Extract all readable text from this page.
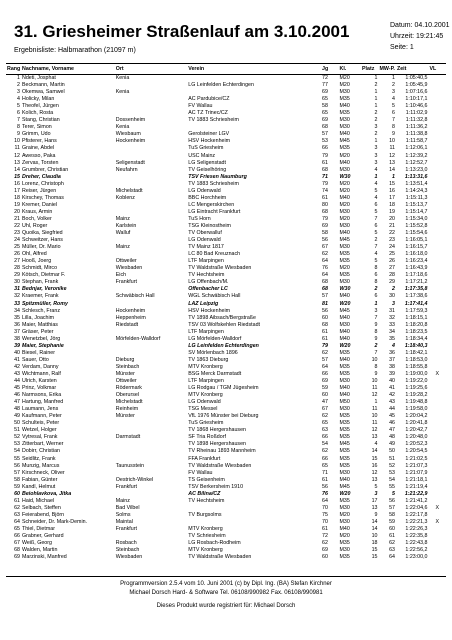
31. Griesheimer Straßenlauf am 3.10.2001
Ergebnisliste: Halbmarathon (21097 m)
Datum: 04.10.2001
Uhrzeit: 19:21:45
Seite: 1
Rang	Nachname, Vorname	Ort	Verein	Jg	Kl.	Platz	MW-P.	Zeit	VL
1	Ndeti, Josphat	Kenia		72	M20	1	1	1:05:40,5	
2	Beckmann, Martin		LG Leinfelden Echterdingen	77	M20	2	2	1:05:45,9	
3	Okemwa, Samwel	Kenia		69	M30	1	3	1:07:16,6	
4	Holicky, Milan		AC Pardubice/CZ	65	M35	1	4	1:10:17,1	
5	Theofel, Jürgen		FV Wallau	58	M40	1	5	1:10:46,6	
6	Kolich, Rosta		AC TZ Trinec/CZ	65	M35	2	6	1:11:02,9	
7	Stang, Christian	Dossenheim	TV 1883 Schriesheim	69	M30	2	7	1:11:32,8	
8	Terer, Simon	Kenia		68	M30	3	8	1:11:36,2	
9	Grimm, Udo	Wiesbaum	Gerolsteiner LGV	57	M40	2	9	1:11:38,8	
10	Pfisterer, Hans	Hockenheim	HSV Hockenheim	53	M45	1	10	1:11:58,7	
11	Graine, Abdel		TuS Griesheim	66	M35	3	11	1:12:06,1	
12	Awesso, Paka		USC Mainz	79	M20	3	12	1:12:39,2	
13	Zervas, Torsten	Seligenstadt	LG Seligenstadt	61	M40	3	13	1:12:52,7	
14	Grumbrer, Christian	Neufahrn	TV Geiselhöring	68	M30	4	14	1:13:23,0	
15	Dreher, Claudia		TSV Friesen Naumburg	71	W30	1	1	1:13:31,6	
16	Lorenz, Christoph		TV 1883 Schriesheim	79	M20	4	15	1:13:51,4	
17	Reiser, Jürgen	Michelstadt	LG Odenwald	74	M20	5	16	1:14:24,3	
18	Kirschey, Thomas	Koblenz	BBC Horchheim	61	M40	4	17	1:15:11,3	
19	Kremer, Daniel		LC Mengerskirchen	80	M20	6	18	1:15:13,7	
20	Kraus, Armin		LG Eintracht Frankfurt	68	M30	5	19	1:15:14,7	
21	Boch, Volker	Mainz	TuS Horn	79	M20	7	20	1:15:34,0	
22	Uhl, Roger	Karlstein	TSG Kleinostheim	69	M30	6	21	1:15:52,8	
23	Quoika, Siegfried	Walluf	TV Oberwalluf	58	M40	5	22	1:15:54,6	
24	Schweitzer, Hans		LG Odenwald	56	M45	2	23	1:16:05,1	
25	Müller, Dr. Mario	Mainz	TV Mainz 1817	67	M30	7	24	1:16:15,7	
26	Ohl, Alfred		LC 80 Bad Kreuznach	62	M35	4	25	1:16:18,0	
27	Hooß, Joerg	Ottweiler	LTF Marpingen	64	M35	5	26	1:16:23,4	
28	Schmidt, Mirco	Wiesbaden	TV Waldstraße Wiesbaden	76	M20	8	27	1:16:43,9	
29	Kötsch, Dietmar F.	Eich	TV Hechtsheim	64	M35	6	28	1:17:18,6	
30	Stephan, Frank	Frankfurt	LG Offenbach/M.	68	M30	8	29	1:17:21,2	
31	Bednjar, Veronike		Offenbacher LC	68	W30	2	2	1:17:35,8	
32	Kraemer, Frank	Schwäbisch Hall	WGL Schwäbisch Hall	57	M40	6	30	1:17:38,6	
33	Spitzmüller, Romy		LAZ Leipzig	81	W20	1	3	1:17:41,4	
34	Schlesch, Franz	Hockenheim	HSV Hockenheim	56	M45	3	31	1:17:59,3	
35	Lilla, Joachim	Heppenheim	TV 1898 Aibsach/Bergstraße	60	M40	7	32	1:18:15,1	
36	Maier, Matthias	Riedstadt	TSV 03 Wolfskehlen Riedstadt	68	M30	9	33	1:18:20,8	
37	Gräser, Peter		LTF Marpingen	61	M40	8	34	1:18:23,5	
38	Wenetzbel, Jörg	Mörfelden-Walldorf	LG Mörfelden-Walldorf	61	M40	9	35	1:18:34,4	
39	Maier, Stephanie		LG Leinfelden Echterdingen	79	W20	2	4	1:18:40,3	
40	Biesel, Rainer		SV Mörlenbach 1896	62	M35	7	36	1:18:42,1	
41	Sauer, Otto	Dieburg	TV 1863 Dieburg	57	M40	10	37	1:18:53,0	
42	Verdam, Danny	Steinbach	MTV Kronberg	64	M35	8	38	1:18:55,8	
43	Wichtmann, Ralf	Münster	BSG Merck Darmstadt	66	M35	9	39	1:19:00,0	X
44	Ulrich, Karsten	Ottweiler	LTF Marpingen	69	M30	10	40	1:19:22,0	
45	Prinz, Volkmar	Rödermark	LG Rodgau / TGM Jügesheim	59	M40	11	41	1:19:25,6	
46	Narmsons, Erika	Oberursel	MTV Kronberg	60	M40	12	42	1:19:28,2	
47	Hartung, Manfred	Michelstadt	LG Odenwald	47	M50	1	43	1:19:48,8	
48	Laumann, Jens	Reinheim	TSG Messel	67	M30	11	44	1:19:58,0	
49	Kaufmann, Peter	Münster	VfL 1976 Münster bei Dieburg	62	M35	10	45	1:20:04,2	
50	Schulteis, Peter		TuS Griesheim	65	M35	11	46	1:20:41,8	
51	Wetzel, Holger		TV 1868 Hergershausen	63	M35	12	47	1:20:42,7	
52	Vytresal, Frank	Darmstadt	SF Tria Roßdorf	66	M35	13	48	1:20:48,0	
53	Zitterbart, Werner		TV 1898 Hergershausen	54	M45	4	49	1:20:52,3	
54	Dobirr, Christian		TV Rheinau 1893 Mannheim	62	M35	14	50	1:20:54,5	
55	Seidlitz, Frank		FFA Frankfurt	66	M35	15	51	1:21:02,5	
56	Munzig, Marcus	Taunusstein	TV Waldstraße Wiesbaden	65	M35	16	52	1:21:07,3	
57	Kirschneck, Oliver		FV Wallau	71	M30	12	53	1:21:07,9	
58	Fabian, Günter	Oestrich-Winkel	TS Geisenheim	61	M40	13	54	1:21:18,1	
59	Kandl, Helmut	Frankfurt	TSV Berkersheim 1910	56	M45	5	55	1:21:19,4	
60	Beiohlavkova, Jitka		AC Bílina/CZ	76	W20	3	5	1:21:22,9	
61	Haid, Michael	Mainz	TV Hechtsheim	64	M35	17	56	1:21:41,2	
62	Selbach, Steffen	Bad Vilbel		70	M30	13	57	1:22:04,6	X
63	Feierabend, Björn	Solms	TV Burgsolms	75	M20	9	58	1:22:17,8	
64	Schneider, Dr. Mark-Demin.	Maintal		70	M30	14	59	1:22:21,3	X
65	Thiel, Dietmar	Frankfurt	MTV Kronberg	61	M40	14	60	1:22:26,3	
66	Grabner, Gerhard		TV Schriesheim	72	M20	10	61	1:22:35,8	
67	Weiß, Georg	Rosbach	LG Rosbach-Rodheim	62	M35	18	62	1:22:43,8	
68	Walden, Martin	Steinbach	MTV Kronberg	69	M30	15	63	1:22:56,2	
69	Marzinski, Manfred	Wiesbaden	TV Waldstraße Wiesbaden	60	M35	15	64	1:23:00,0	
Programmversion 2.5.4 vom 10. Juni 2001 (c) by Dipl. Ing. (BA) Stefan Kirchner
Michael Dorsch Hard- & Software Tel. 06108/990982 Fax. 06108/990981
Dieses Produkt wurde registriert für: Michael Dorsch
